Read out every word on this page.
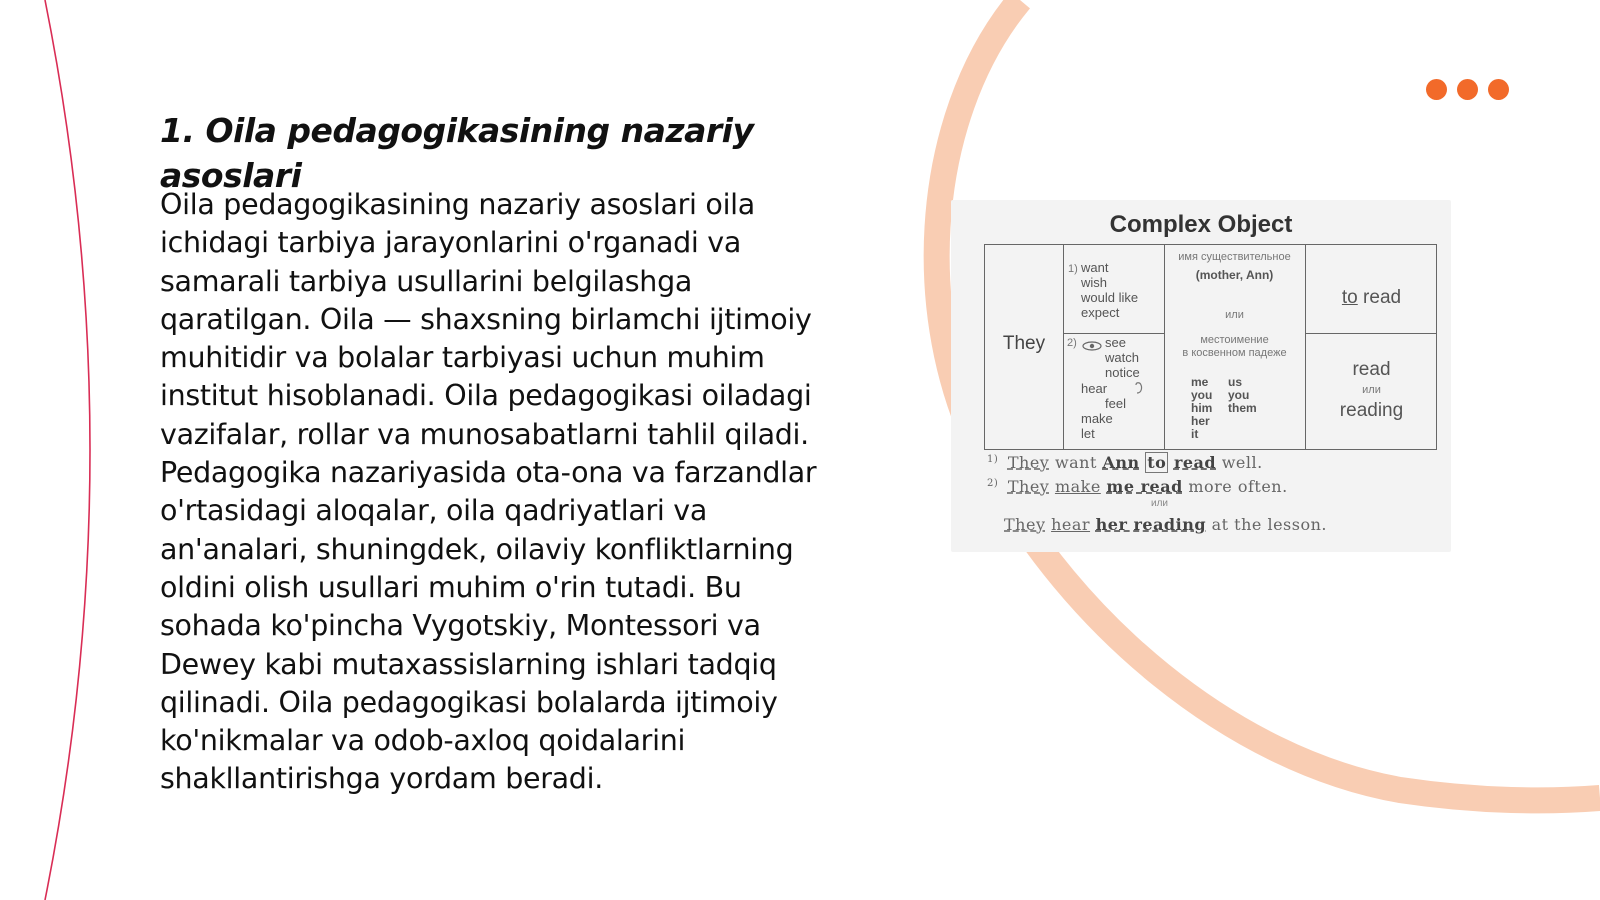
1. Oila pedagogikasining nazariy asoslari

Oila pedagogikasining nazariy asoslari oila ichidagi tarbiya jarayonlarini o'rganadi va samarali tarbiya usullarini belgilashga qaratilgan. Oila — shaxsning birlamchi ijtimoiy muhitidir va bolalar tarbiyasi uchun muhim institut hisoblanadi. Oila pedagogikasi oiladagi vazifalar, rollar va munosabatlarni tahlil qiladi. Pedagogika nazariyasida ota-ona va farzandlar o'rtasidagi aloqalar, oila qadriyatlari va an'analari, shuningdek, oilaviy konfliktlarning oldini olish usullari muhim o'rin tutadi. Bu sohada ko'pincha Vygotskiy, Montessori va Dewey kabi mutaxassislarning ishlari tadqiq qilinadi. Oila pedagogikasi bolalarda ijtimoiy ko'nikmalar va odob-axloq qoidalarini shakllantirishga yordam beradi.

Complex Object
They
1) want
wish
would like
expect
2) see
watch
notice
hear
feel
make
let
имя существительное
(mother, Ann)
или
местоимение
в косвенном падеже
me
you
him
her
it
us
you
them
to read
read
или
reading
$^{1)}$ They want Ann to read well.
$^{2)}$ They make me read more often.
или
They hear her reading at the lesson.
